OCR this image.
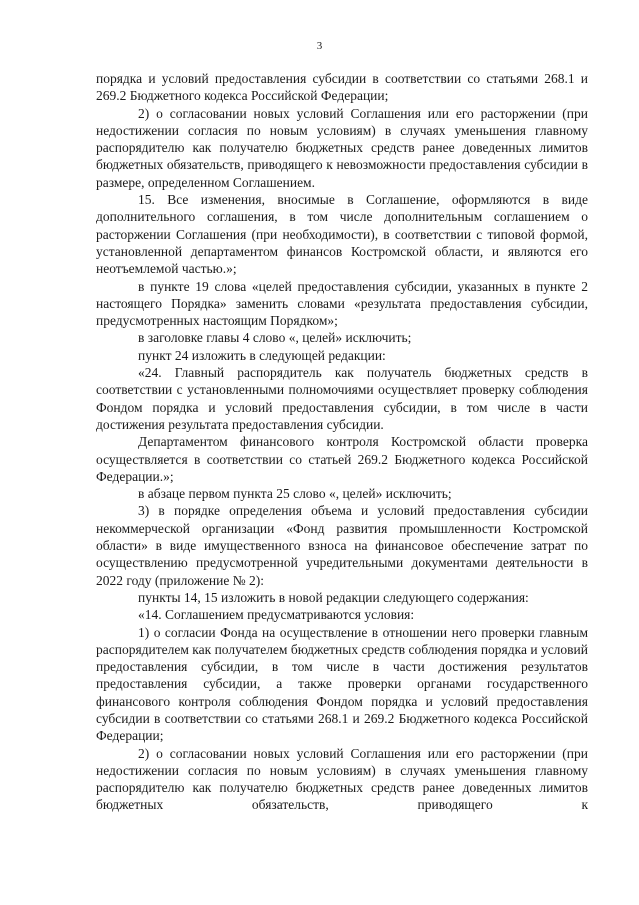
3

порядка и условий предоставления субсидии в соответствии со статьями 268.1 и 269.2 Бюджетного кодекса Российской Федерации;

2) о согласовании новых условий Соглашения или его расторжении (при недостижении согласия по новым условиям) в случаях уменьшения главному распорядителю как получателю бюджетных средств ранее доведенных лимитов бюджетных обязательств, приводящего к невозможности предоставления субсидии в размере, определенном Соглашением.

15. Все изменения, вносимые в Соглашение, оформляются в виде дополнительного соглашения, в том числе дополнительным соглашением о расторжении Соглашения (при необходимости), в соответствии с типовой формой, установленной департаментом финансов Костромской области, и являются его неотъемлемой частью.»;

в пункте 19 слова «целей предоставления субсидии, указанных в пункте 2 настоящего Порядка» заменить словами «результата предоставления субсидии, предусмотренных настоящим Порядком»;

в заголовке главы 4 слово «, целей» исключить;

пункт 24 изложить в следующей редакции:

«24. Главный распорядитель как получатель бюджетных средств в соответствии с установленными полномочиями осуществляет проверку соблюдения Фондом порядка и условий предоставления субсидии, в том числе в части достижения результата предоставления субсидии.

Департаментом финансового контроля Костромской области проверка осуществляется в соответствии со статьей 269.2 Бюджетного кодекса Российской Федерации.»;

в абзаце первом пункта 25 слово «, целей» исключить;

3) в порядке определения объема и условий предоставления субсидии некоммерческой организации «Фонд развития промышленности Костромской области» в виде имущественного взноса на финансовое обеспечение затрат по осуществлению предусмотренной учредительными документами деятельности в 2022 году (приложение № 2):

пункты 14, 15 изложить в новой редакции следующего содержания:

«14. Соглашением предусматриваются условия:

1) о согласии Фонда на осуществление в отношении него проверки главным распорядителем как получателем бюджетных средств соблюдения порядка и условий предоставления субсидии, в том числе в части достижения результатов предоставления субсидии, а также проверки органами государственного финансового контроля соблюдения Фондом порядка и условий предоставления субсидии в соответствии со статьями 268.1 и 269.2 Бюджетного кодекса Российской Федерации;

2) о согласовании новых условий Соглашения или его расторжении (при недостижении согласия по новым условиям) в случаях уменьшения главному распорядителю как получателю бюджетных средств ранее доведенных лимитов бюджетных обязательств, приводящего к
